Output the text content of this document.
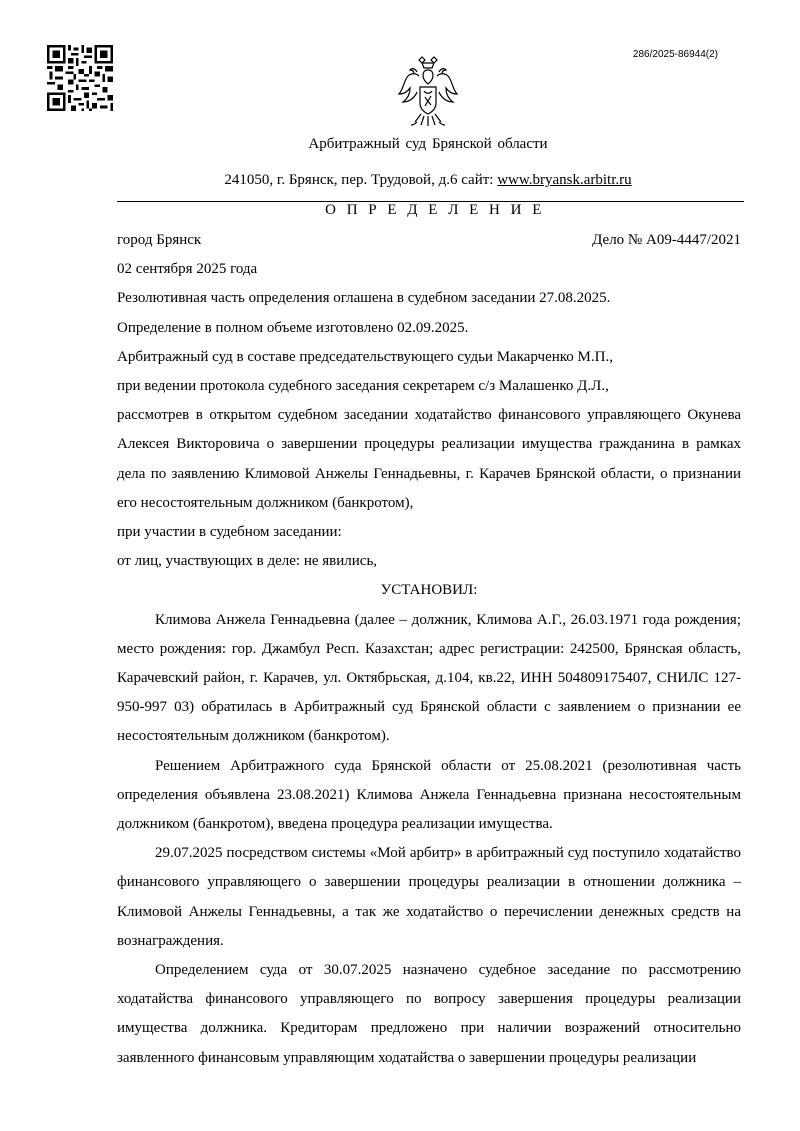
286/2025-86944(2)
Арбитражный суд Брянской области
241050, г. Брянск, пер. Трудовой, д.6 сайт: www.bryansk.arbitr.ru
О П Р Е Д Е Л Е Н И Е
город Брянск	Дело № А09-4447/2021

02 сентября 2025 года

Резолютивная часть определения оглашена в судебном заседании 27.08.2025.

Определение в полном объеме изготовлено 02.09.2025.

Арбитражный суд в составе председательствующего судьи Макарченко М.П.,

при ведении протокола судебного заседания секретарем с/з Малашенко Д.Л.,

рассмотрев в открытом судебном заседании ходатайство финансового управляющего Окунева Алексея Викторовича о завершении процедуры реализации имущества гражданина в рамках дела по заявлению Климовой Анжелы Геннадьевны, г. Карачев Брянской области, о признании его несостоятельным должником (банкротом),

при участии в судебном заседании:

от лиц, участвующих в деле: не явились,

УСТАНОВИЛ:

Климова Анжела Геннадьевна (далее – должник, Климова А.Г., 26.03.1971 года рождения; место рождения: гор. Джамбул Респ. Казахстан; адрес регистрации: 242500, Брянская область, Карачевский район, г. Карачев, ул. Октябрьская, д.104, кв.22, ИНН 504809175407, СНИЛС 127-950-997 03) обратилась в Арбитражный суд Брянской области с заявлением о признании ее несостоятельным должником (банкротом).

Решением Арбитражного суда Брянской области от 25.08.2021 (резолютивная часть определения объявлена 23.08.2021) Климова Анжела Геннадьевна признана несостоятельным должником (банкротом), введена процедура реализации имущества.

29.07.2025 посредством системы «Мой арбитр» в арбитражный суд поступило ходатайство финансового управляющего о завершении процедуры реализации в отношении должника – Климовой Анжелы Геннадьевны, а так же ходатайство о перечислении денежных средств на вознаграждения.

Определением суда от 30.07.2025 назначено судебное заседание по рассмотрению ходатайства финансового управляющего по вопросу завершения процедуры реализации имущества должника. Кредиторам предложено при наличии возражений относительно заявленного финансовым управляющим ходатайства о завершении процедуры реализации
